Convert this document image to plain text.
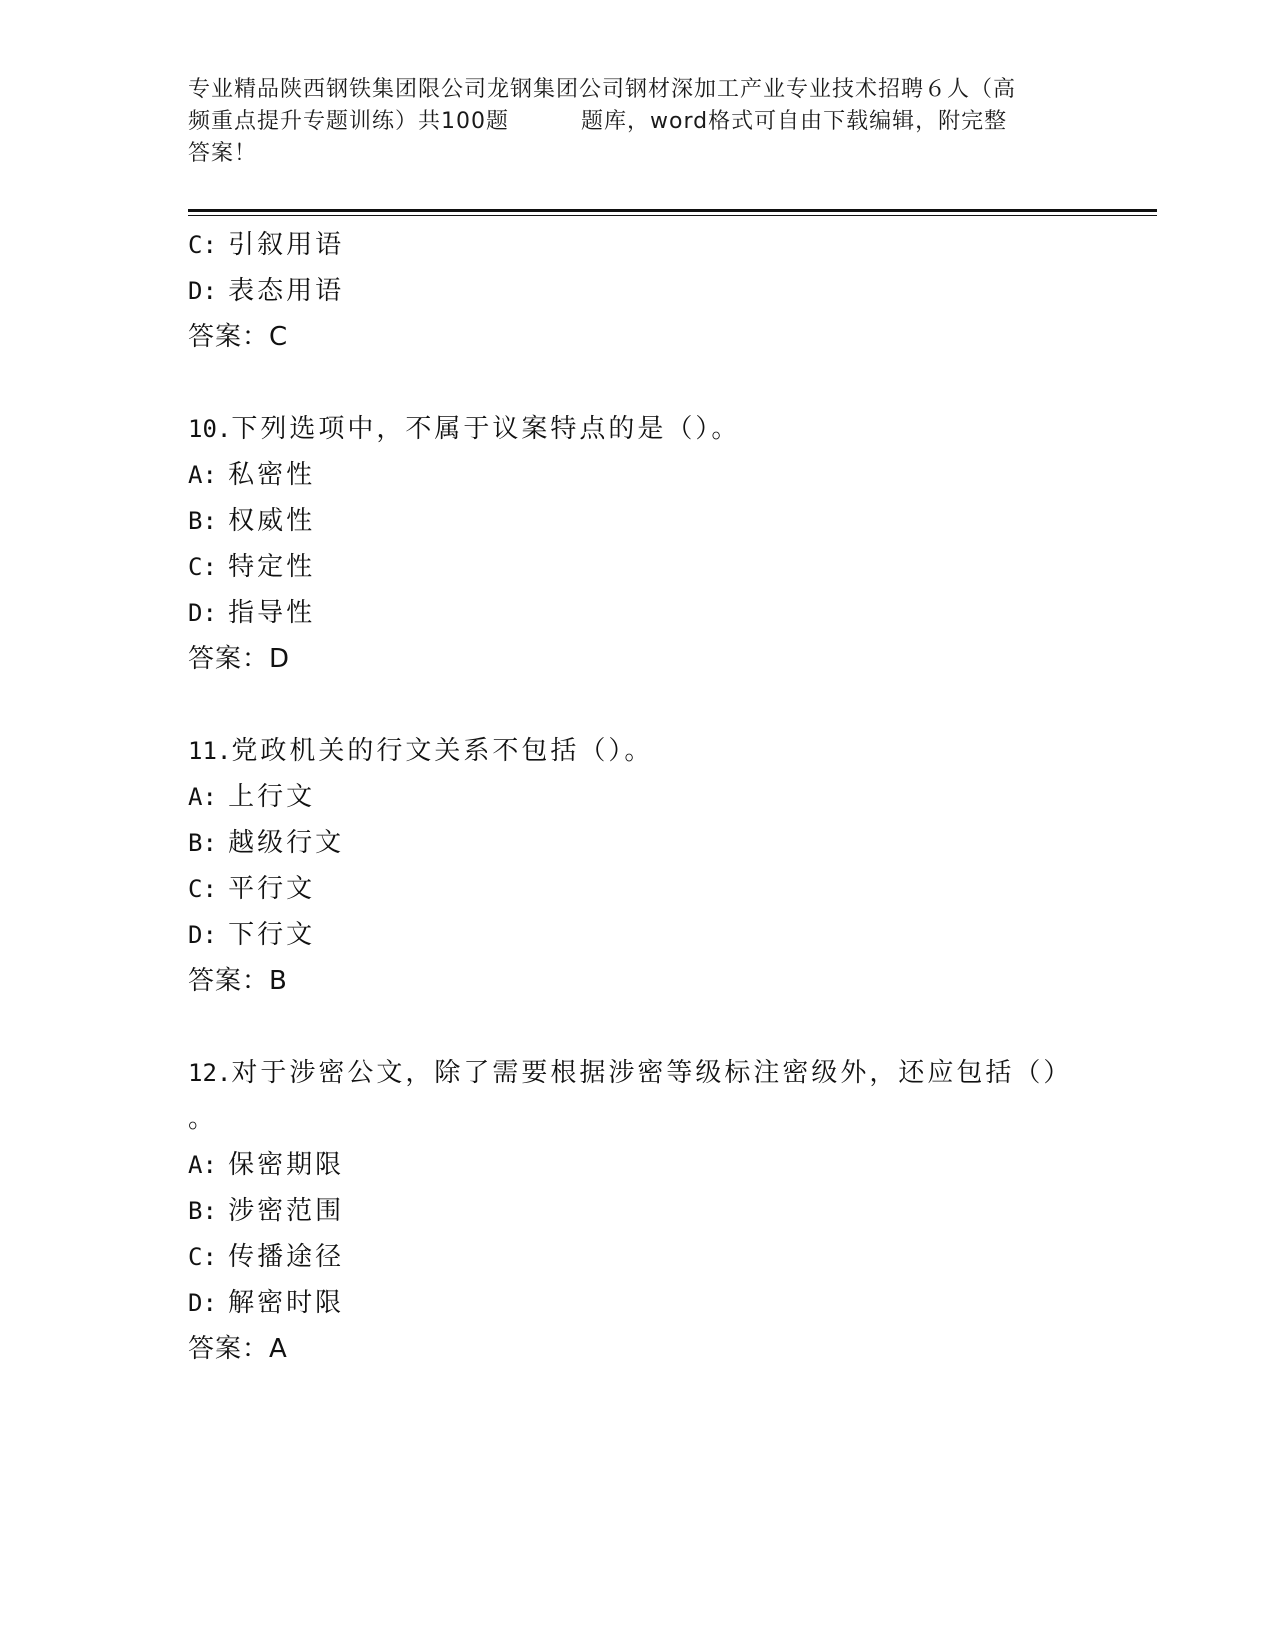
专业精品陕西钢铁集团限公司龙钢集团公司钢材深加工产业专业技术招聘６人（高
频重点提升专题训练）共100题	题库，word格式可自由下载编辑，附完整
答案！
C: 引叙用语
D: 表态用语
答案：C
10.下列选项中，不属于议案特点的是（）。
A: 私密性
B: 权威性
C: 特定性
D: 指导性
答案：D
11.党政机关的行文关系不包括（）。
A: 上行文
B: 越级行文
C: 平行文
D: 下行文
答案：B
12.对于涉密公文，除了需要根据涉密等级标注密级外，还应包括（）
。
A: 保密期限
B: 涉密范围
C: 传播途径
D: 解密时限
答案：A
